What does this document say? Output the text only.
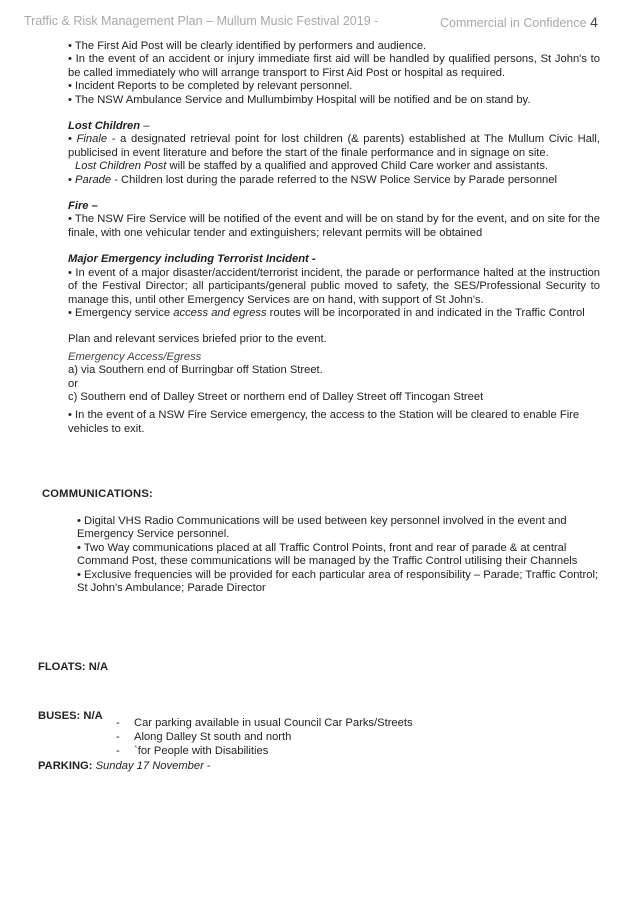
Traffic & Risk Management Plan – Mullum Music Festival 2019 -	Commercial in Confidence 4

• The First Aid Post will be clearly identified by performers and audience.

• In the event of an accident or injury immediate first aid will be handled by qualified persons, St John's to be called immediately who will arrange transport to First Aid Post or hospital as required.

• Incident Reports to be completed by relevant personnel.

• The NSW Ambulance Service and Mullumbimby Hospital will be notified and be on stand by.

Lost Children –

• Finale - a designated retrieval point for lost children (& parents) established at The Mullum Civic Hall, publicised in event literature and before the start of the finale performance and in signage on site.

Lost Children Post will be staffed by a qualified and approved Child Care worker and assistants.

• Parade - Children lost during the parade referred to the NSW Police Service by Parade personnel

Fire –

• The NSW Fire Service will be notified of the event and will be on stand by for the event, and on site for the finale, with one vehicular tender and extinguishers; relevant permits will be obtained

Major Emergency including Terrorist Incident -

• In event of a major disaster/accident/terrorist incident, the parade or performance halted at the instruction of the Festival Director; all participants/general public moved to safety, the SES/Professional Security to manage this, until other Emergency Services are on hand, with support of St John's.

• Emergency service access and egress routes will be incorporated in and indicated in the Traffic Control

Plan and relevant services briefed prior to the event.

Emergency Access/Egress

a) via Southern end of Burringbar off Station Street.

or

c) Southern end of Dalley Street or northern end of Dalley Street off Tincogan Street

• In the event of a NSW Fire Service emergency, the access to the Station will be cleared to enable Fire vehicles to exit.

COMMUNICATIONS:

• Digital VHS Radio Communications will be used between key personnel involved in the event and Emergency Service personnel.

• Two Way communications placed at all Traffic Control Points, front and rear of parade & at central Command Post, these communications will be managed by the Traffic Control utilising their Channels

• Exclusive frequencies will be provided for each particular area of responsibility – Parade; Traffic Control; St John's Ambulance; Parade Director

FLOATS: N/A

BUSES: N/A

PARKING: Sunday 17 November -

- Car parking available in usual Council Car Parks/Streets
- Along Dalley St south and north
- `for People with Disabilities
